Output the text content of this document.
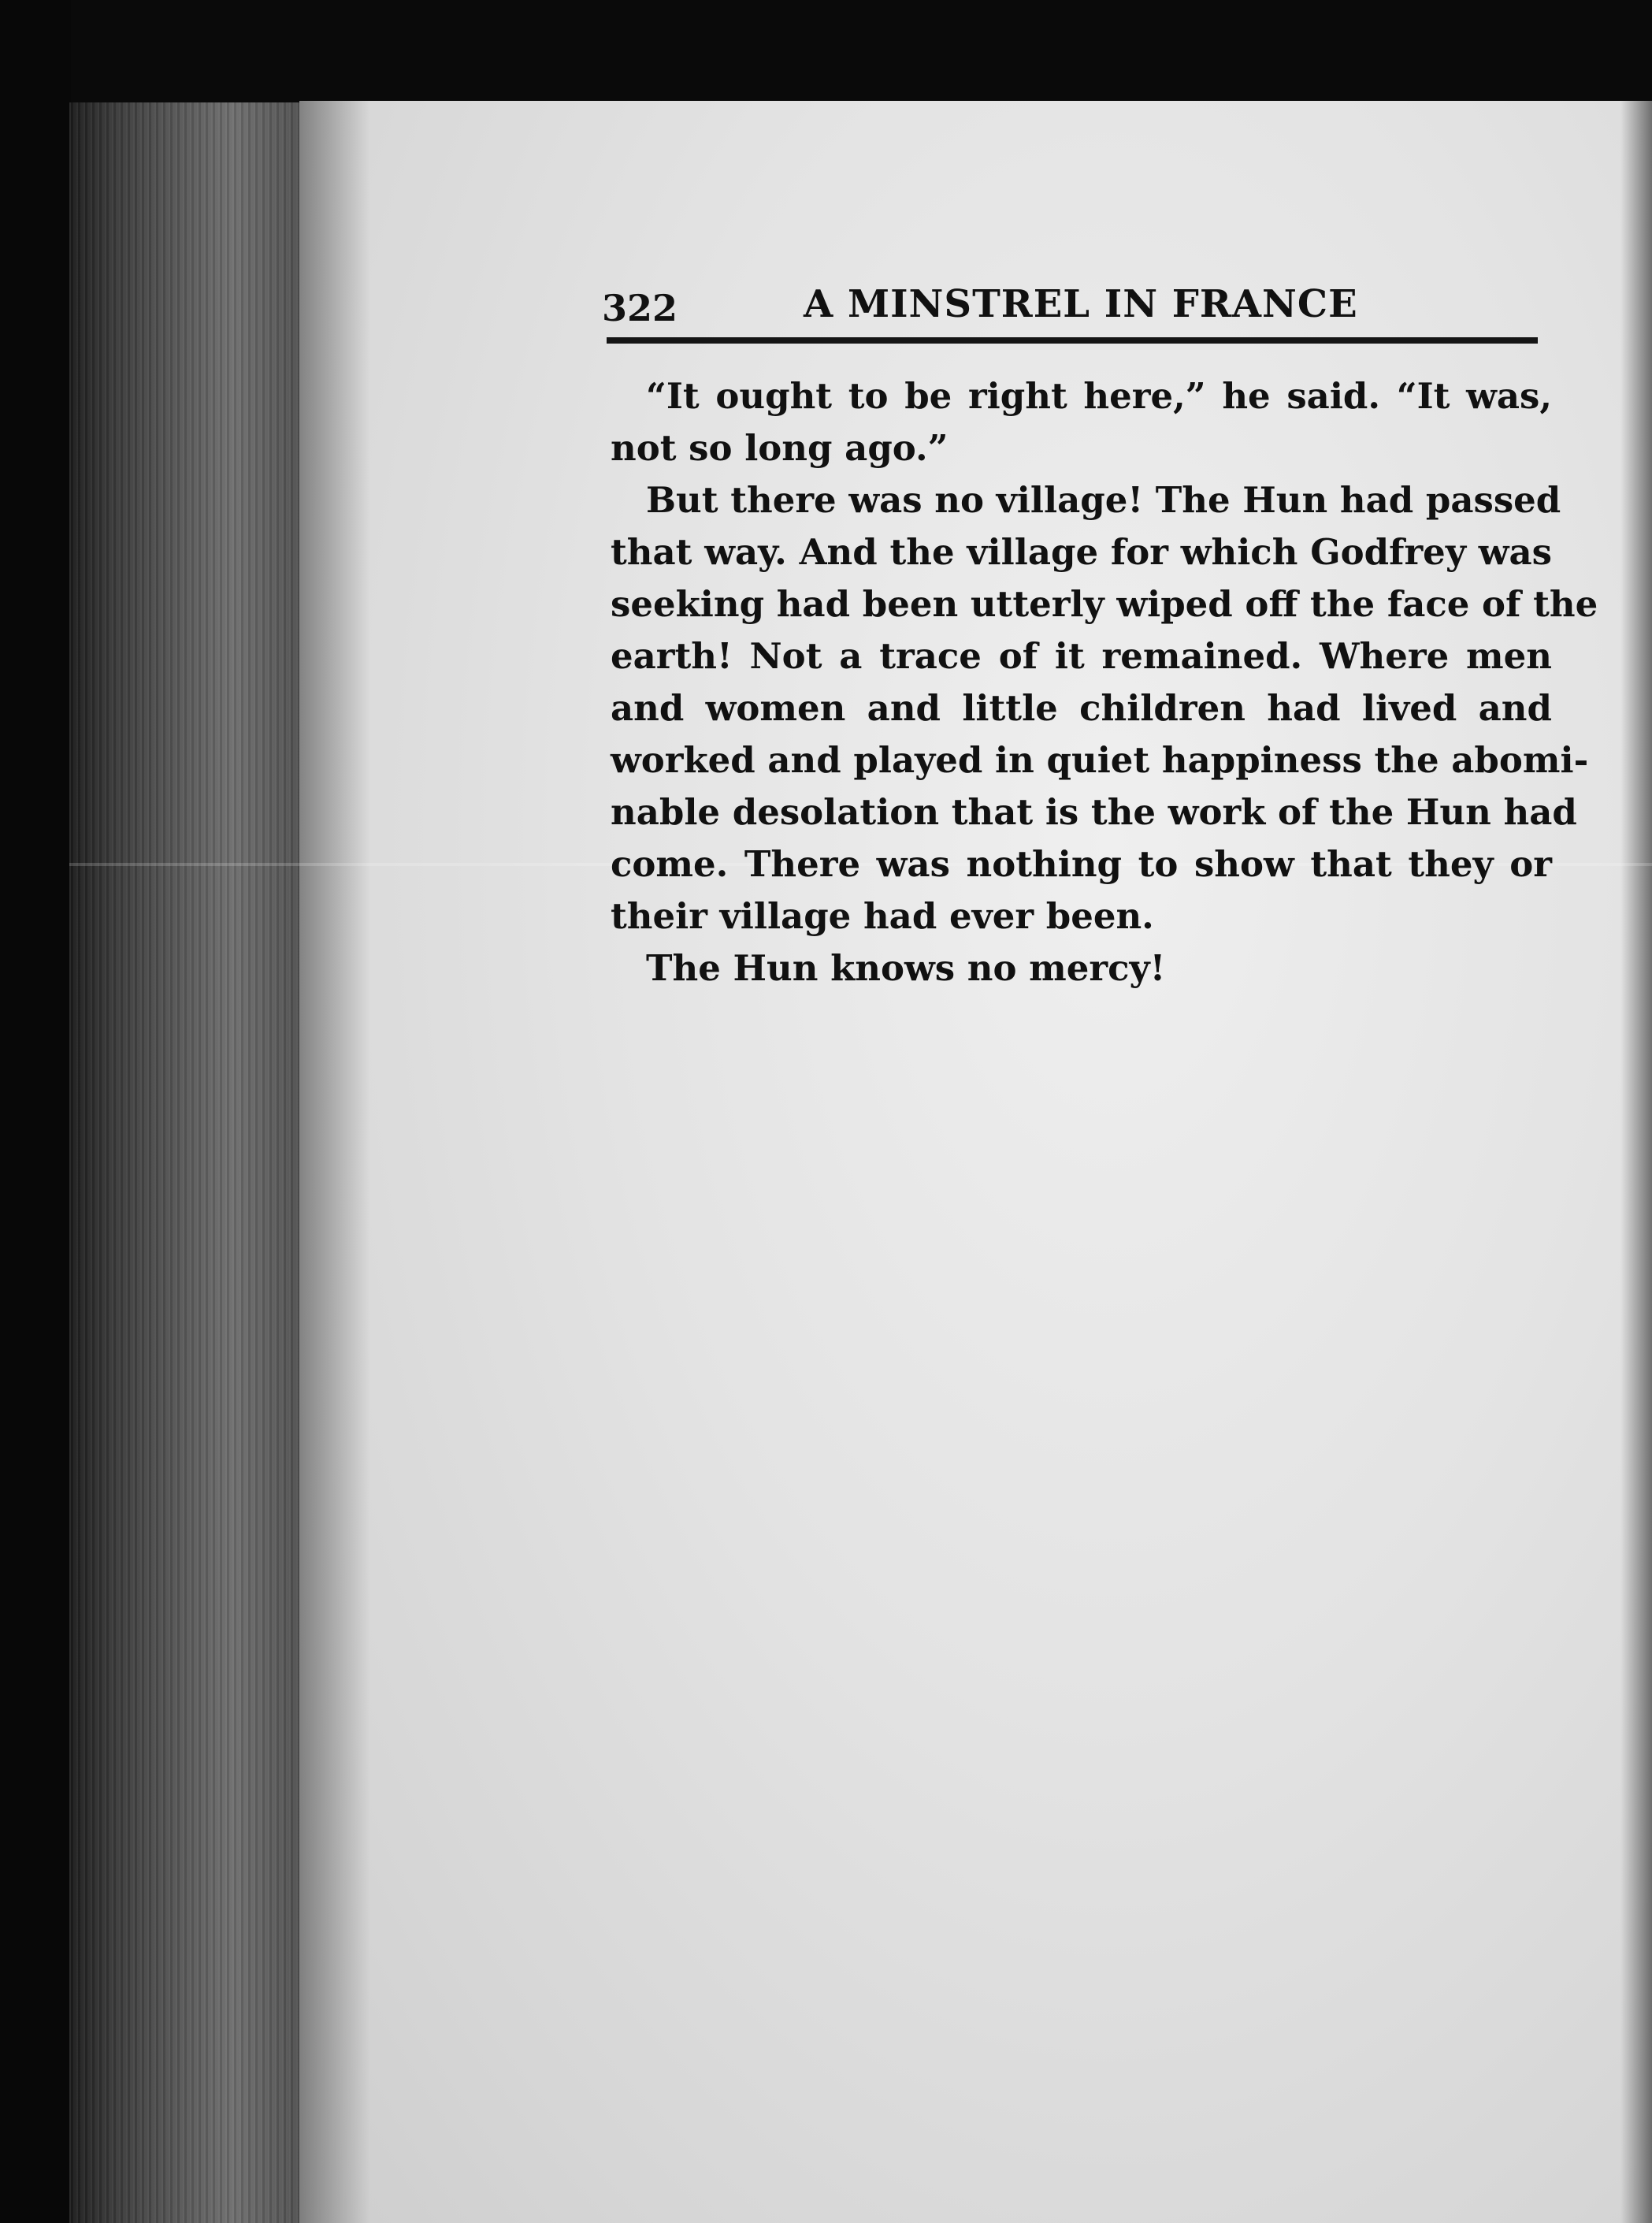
322	A MINSTREL IN FRANCE
“It ought to be right here,” he said. “It was,
not so long ago.”
But there was no village! The Hun had passed
that way. And the village for which Godfrey was
seeking had been utterly wiped off the face of the
earth! Not a trace of it remained. Where men
and women and little children had lived and
worked and played in quiet happiness the abomi-
nable desolation that is the work of the Hun had
come. There was nothing to show that they or
their village had ever been.
The Hun knows no mercy!
